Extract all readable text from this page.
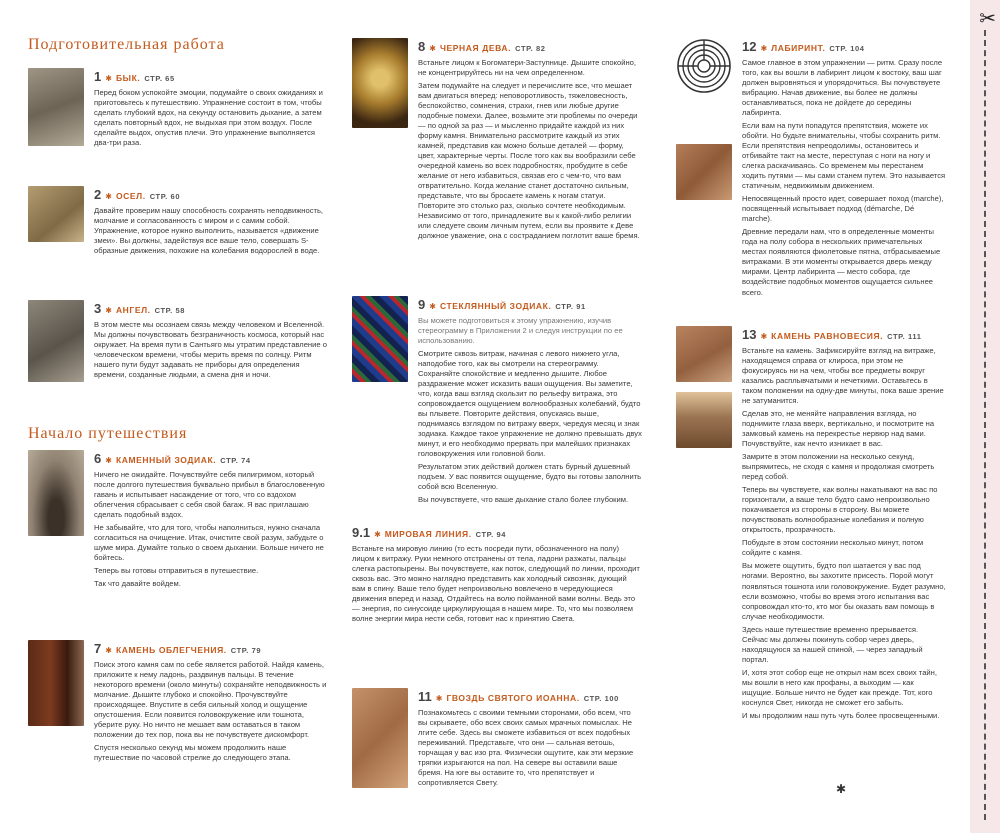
✂
Подготовительная работа
1 ✱ БЫК. СТР. 65

Перед боком успокойте эмоции, подумайте о своих ожиданиях и приготовьтесь к путешествию. Упражнение состоит в том, чтобы сделать глубокий вдох, на секунду остановить дыхание, а затем сделать повторный вдох, не выдыхая при этом воздух. После сделайте выдох, опустив плечи. Это упражнение выполняется два-три раза.

2 ✱ ОСЕЛ. СТР. 60

Давайте проверим нашу способность сохранять неподвижность, молчание и согласованность с миром и с самим собой. Упражнение, которое нужно выполнить, называется «движение змеи». Вы должны, задействуя все ваше тело, совершать S-образные движения, похожие на колебания водорослей в воде.

3 ✱ АНГЕЛ. СТР. 58

В этом месте мы осознаем связь между человеком и Вселенной. Мы должны почувствовать безграничность космоса, который нас окружает. На время пути в Сантьяго мы утратим представление о человеческом времени, чтобы мерить время по солнцу. Ритм нашего пути будут задавать не приборы для определения времени, созданные людьми, а смена дня и ночи.

Начало путешествия
6 ✱ КАМЕННЫЙ ЗОДИАК. СТР. 74

Ничего не ожидайте. Почувствуйте себя пилигримом, который после долгого путешествия буквально прибыл в благословенную гавань и испытывает насаждение от того, что со вздохом облегчения сбрасывает с себя свой багаж. Я вас приглашаю сделать подобный вздох.

Не забывайте, что для того, чтобы наполниться, нужно сначала согласиться на очищение. Итак, очистите свой разум, забудьте о шуме мира. Думайте только о своем дыхании. Больше ничего не бойтесь.

Теперь вы готовы отправиться в путешествие.

Так что давайте войдем.

7 ✱ КАМЕНЬ ОБЛЕГЧЕНИЯ. СТР. 79

Поиск этого камня сам по себе является работой. Найдя камень, приложите к нему ладонь, раздвинув пальцы. В течение некоторого времени (около минуты) сохраняйте неподвижность и молчание. Дышите глубоко и спокойно. Прочувствуйте происходящее. Впустите в себя сильный холод и ощущение опустошения. Если появится головокружение или тошнота, уберите руку. Но ничто не мешает вам оставаться в таком положении до тех пор, пока вы не почувствуете дискомфорт.

Спустя несколько секунд мы можем продолжить наше путешествие по часовой стрелке до следующего этапа.

8 ✱ ЧЕРНАЯ ДЕВА. СТР. 82

Встаньте лицом к Богоматери-Заступнице. Дышите спокойно, не концентрируйтесь ни на чем определенном.

Затем подумайте на следует и перечислите все, что мешает вам двигаться вперед: неповоротливость, тяжеловесность, беспокойство, сомнения, страхи, гнев или любые другие подобные помехи. Далее, возьмите эти проблемы по очереди — по одной за раз — и мысленно придайте каждой из них форму камня. Внимательно рассмотрите каждый из этих камней, представив как можно больше деталей — форму, цвет, характерные черты. После того как вы вообразили себе очередной камень во всех подробностях, пробудите в себе желание от него избавиться, связав его с чем-то, что вам отвратительно. Когда желание станет достаточно сильным, представьте, что вы бросаете камень к ногам статуи. Повторите это столько раз, сколько сочтете необходимым. Независимо от того, принадлежите вы к какой-либо религии или следуете своим личным путем, если вы проявите к Деве должное уважение, она с состраданием поглотит ваше бремя.

9 ✱ СТЕКЛЯННЫЙ ЗОДИАК. СТР. 91

Вы можете подготовиться к этому упражнению, изучив стереограмму в Приложении 2 и следуя инструкции по ее использованию.

Смотрите сквозь витраж, начиная с левого нижнего угла, наподобие того, как вы смотрели на стереограмму. Сохраняйте спокойствие и медленно дышите. Любое раздражение может исказить ваши ощущения. Вы заметите, что, когда ваш взгляд скользит по рельефу витража, это сопровождается ощущением волнообразных колебаний, будто вы плывете. Повторите действия, опускаясь выше, поднимаясь взглядом по витражу вверх, чередуя месяц и знак зодиака. Каждое такое упражнение не должно превышать двух минут, и его необходимо прервать при малейших признаках головокружения или головной боли.

Результатом этих действий должен стать бурный душевный подъем. У вас появится ощущение, будто вы готовы заполнить собой всю Вселенную.

Вы почувствуете, что ваше дыхание стало более глубоким.

9.1 ✱ МИРОВАЯ ЛИНИЯ. СТР. 94

Встаньте на мировую линию (то есть посреди пути, обозначенного на полу) лицом к витражу. Руки немного отстранены от тела, ладони разжаты, пальцы слегка растопырены. Вы почувствуете, как поток, следующий по линии, проходит сквозь вас. Это можно наглядно представить как холодный сквозняк, дующий вам в спину. Ваше тело будет непроизвольно вовлечено в чередующиеся движения вперед и назад. Отдайтесь на волю пойманной вами волны. Ведь это — энергия, по синусоиде циркулирующая в нашем мире. То, что мы позволяем волне энергии мира нести себя, готовит нас к принятию Света.

11 ✱ ГВОЗДЬ СВЯТОГО ИОАННА. СТР. 100

Познакомьтесь с своими темными сторонами, обо всем, что вы скрываете, обо всех своих самых мрачных помыслах. Не лгите себе. Здесь вы сможете избавиться от всех подобных переживаний. Представьте, что они — сальная ветошь, торчащая у вас изо рта. Физически ощутите, как эти мерзкие тряпки изрыгаются на пол. На севере вы оставили ваше бремя. На юге вы оставите то, что препятствует и сопротивляется Свету.

12 ✱ ЛАБИРИНТ. СТР. 104

Самое главное в этом упражнении — ритм. Сразу после того, как вы вошли в лабиринт лицом к востоку, ваш шаг должен выровняться и упорядочиться. Вы почувствуете вибрацию. Начав движение, вы более не должны останавливаться, пока не дойдете до середины лабиринта.

Если вам на пути попадутся препятствия, можете их обойти. Но будьте внимательны, чтобы сохранить ритм. Если препятствия непреодолимы, остановитесь и отбивайте такт на месте, переступая с ноги на ногу и слегка раскачиваясь. Со временем мы перестанем ходить путями — мы сами станем путем. Это называется статичным, недвижимым движением.

Непосвященный просто идет, совершает поход (marche), посвященный испытывает подход (démarche, Dé marche).

Древние передали нам, что в определенные моменты года на полу собора в нескольких примечательных местах появляются фиолетовые пятна, отбрасываемые витражами. В эти моменты открывается дверь между мирами. Центр лабиринта — место собора, где воздействие подобных моментов ощущается сильнее всего.

13 ✱ КАМЕНЬ РАВНОВЕСИЯ. СТР. 111

Встаньте на камень. Зафиксируйте взгляд на витраже, находящемся справа от клироса, при этом не фокусируясь ни на чем, чтобы все предметы вокруг казались расплывчатыми и нечеткими. Оставьтесь в таком положении на одну-две минуты, пока ваше зрение не затуманится.

Сделав это, не меняйте направления взгляда, но поднимите глаза вверх, вертикально, и посмотрите на замковый камень на перекрестье нервюр над вами. Почувствуйте, как нечто изникает в вас.

Замрите в этом положении на несколько секунд, выпрямитесь, не сходя с камня и продолжая смотреть перед собой.

Теперь вы чувствуете, как волны накатывают на вас по горизонтали, а ваше тело будто само непроизвольно покачивается из стороны в сторону. Вы можете почувствовать волнообразные колебания и полную открытость, прозрачность.

Побудьте в этом состоянии несколько минут, потом сойдите с камня.

Вы можете ощутить, будто пол шатается у вас под ногами. Вероятно, вы захотите присесть. Порой могут появляться тошнота или головокружение. Будет разумно, если возможно, чтобы во время этого испытания вас сопровождал кто-то, кто мог бы оказать вам помощь в случае необходимости.

Здесь наше путешествие временно прерывается. Сейчас мы должны покинуть собор через дверь, находящуюся за нашей спиной, — через западный портал.

И, хотя этот собор еще не открыл нам всех своих тайн, мы вошли в него как профаны, а выходим — как ищущие. Больше ничто не будет как прежде. Тот, кого коснулся Свет, никогда не сможет его забыть.

И мы продолжим наш путь чуть более просвещенными.

✱
